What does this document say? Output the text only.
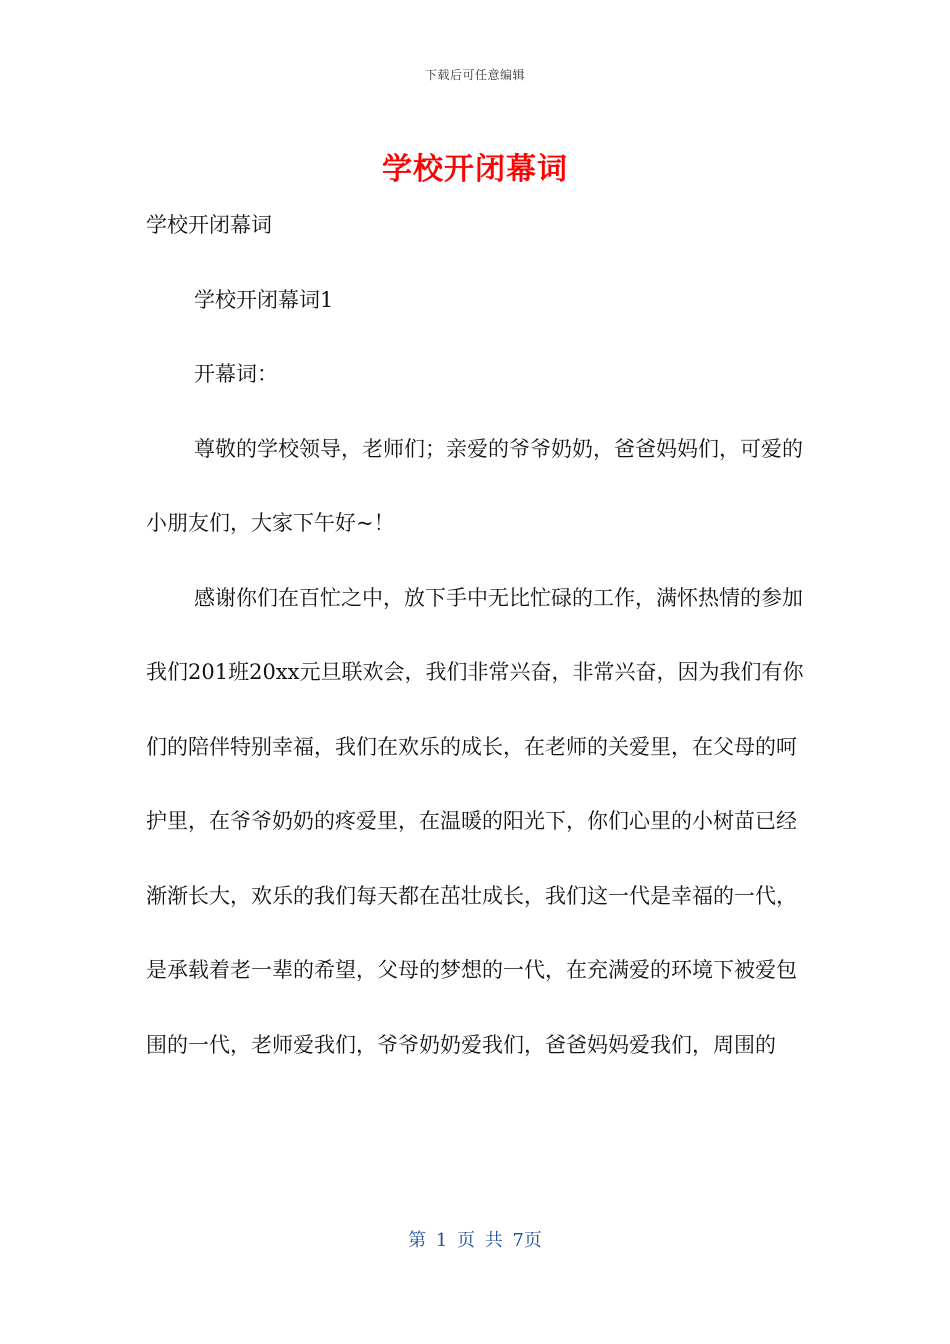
下载后可任意编辑
学校开闭幕词

学校开闭幕词

学校开闭幕词1

开幕词：

尊敬的学校领导，老师们；亲爱的爷爷奶奶，爸爸妈妈们，可爱的小朋友们，大家下午好~！

感谢你们在百忙之中，放下手中无比忙碌的工作，满怀热情的参加我们201班20xx元旦联欢会，我们非常兴奋，非常兴奋，因为我们有你们的陪伴特别幸福，我们在欢乐的成长，在老师的关爱里，在父母的呵护里，在爷爷奶奶的疼爱里，在温暖的阳光下，你们心里的小树苗已经渐渐长大，欢乐的我们每天都在茁壮成长，我们这一代是幸福的一代，是承载着老一辈的希望，父母的梦想的一代，在充满爱的环境下被爱包围的一代，老师爱我们，爷爷奶奶爱我们，爸爸妈妈爱我们，周围的

第 1 页 共 7页
